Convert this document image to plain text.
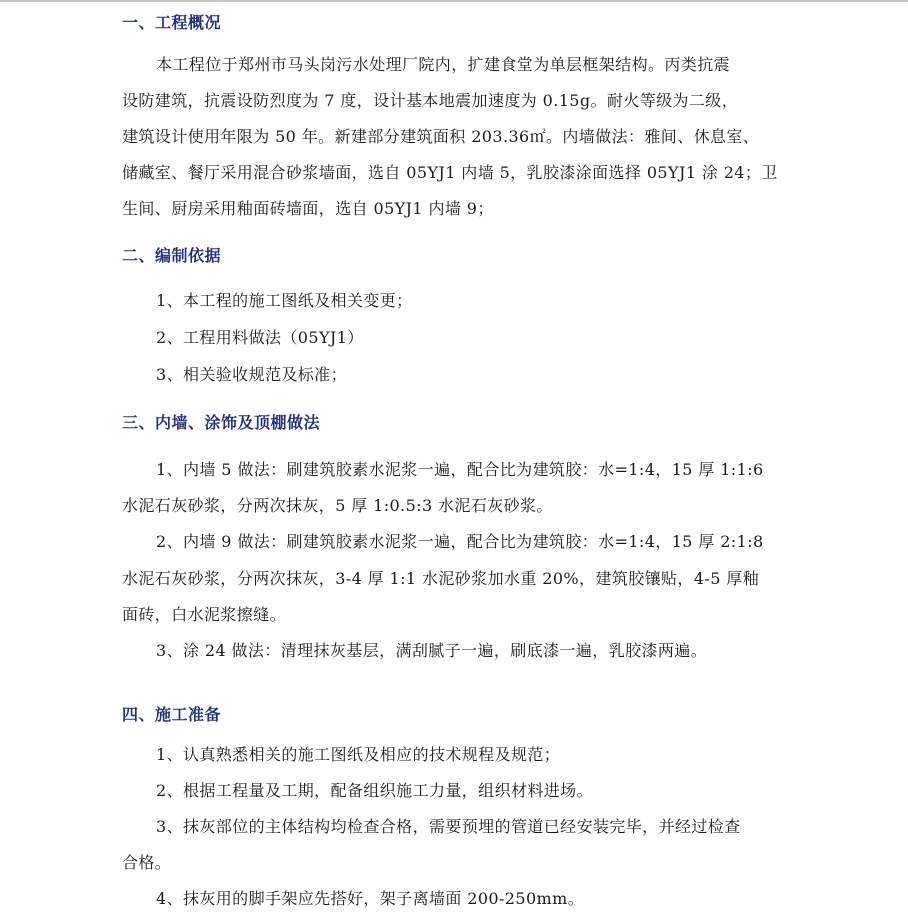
一、工程概况
本工程位于郑州市马头岗污水处理厂院内，扩建食堂为单层框架结构。丙类抗震
设防建筑，抗震设防烈度为 7 度，设计基本地震加速度为 0.15g。耐火等级为二级，
建筑设计使用年限为 50 年。新建部分建筑面积 203.36㎡。内墙做法：雅间、休息室、
储藏室、餐厅采用混合砂浆墙面，选自 05YJ1 内墙 5，乳胶漆涂面选择 05YJ1 涂 24；卫
生间、厨房采用釉面砖墙面，选自 05YJ1 内墙 9；
二、编制依据
1、本工程的施工图纸及相关变更；
2、工程用料做法（05YJ1）
3、相关验收规范及标准；
三、内墙、涂饰及顶棚做法
1、内墙 5 做法：刷建筑胶素水泥浆一遍，配合比为建筑胶：水=1:4，15 厚 1:1:6
水泥石灰砂浆，分两次抹灰，5 厚 1:0.5:3 水泥石灰砂浆。
2、内墙 9 做法：刷建筑胶素水泥浆一遍，配合比为建筑胶：水=1:4，15 厚 2:1:8
水泥石灰砂浆，分两次抹灰，3-4 厚 1:1 水泥砂浆加水重 20%，建筑胶镶贴，4-5 厚釉
面砖，白水泥浆擦缝。
3、涂 24 做法：清理抹灰基层，满刮腻子一遍，刷底漆一遍，乳胶漆两遍。
四、施工准备
1、认真熟悉相关的施工图纸及相应的技术规程及规范；
2、根据工程量及工期，配备组织施工力量，组织材料进场。
3、抹灰部位的主体结构均检查合格，需要预埋的管道已经安装完毕，并经过检查
合格。
4、抹灰用的脚手架应先搭好，架子离墙面 200-250mm。
